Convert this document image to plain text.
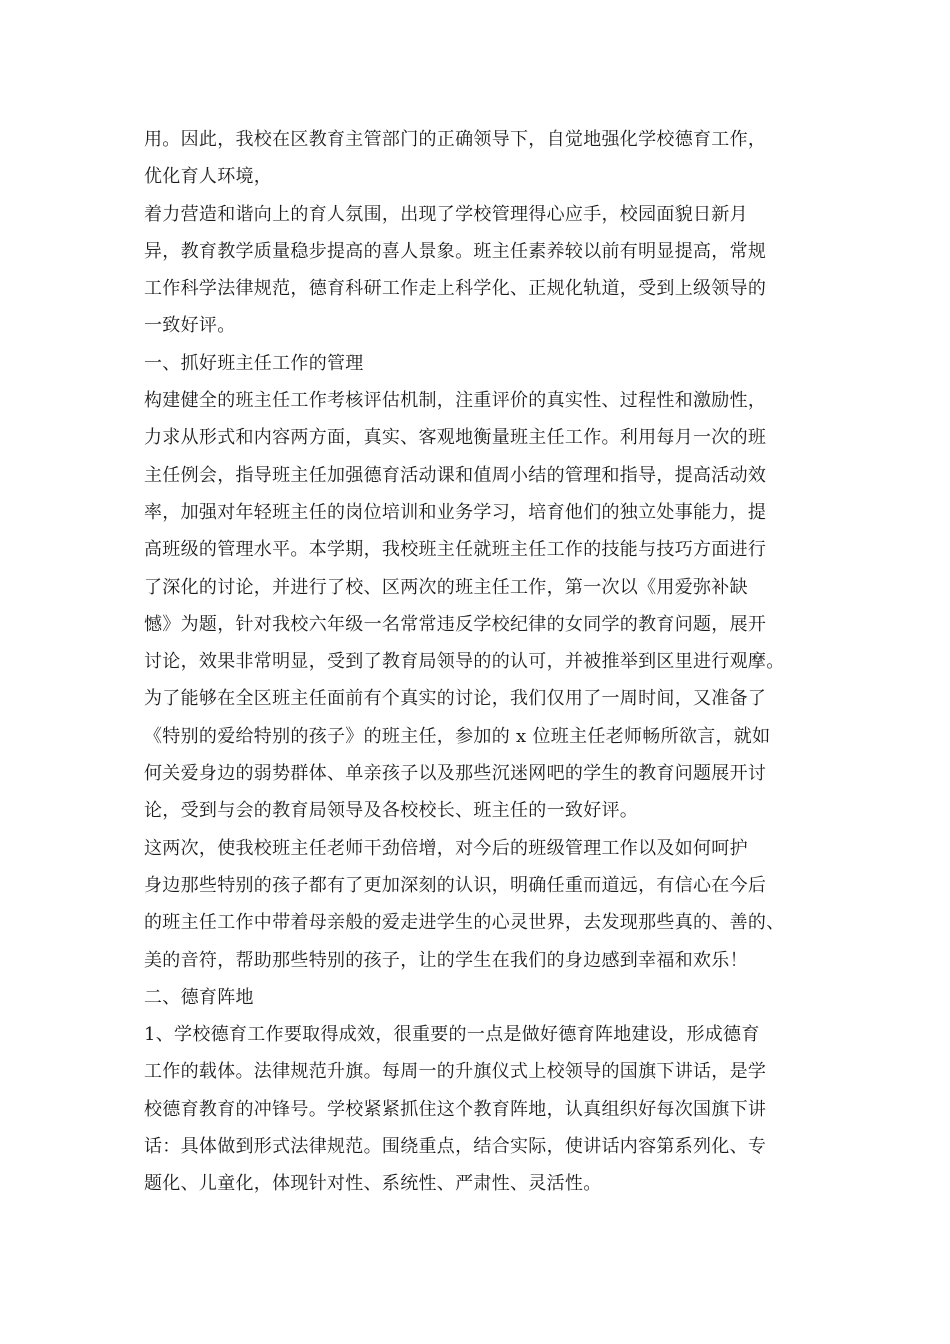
用。因此，我校在区教育主管部门的正确领导下，自觉地强化学校德育工作，
优化育人环境，
着力营造和谐向上的育人氛围，出现了学校管理得心应手，校园面貌日新月
异，教育教学质量稳步提高的喜人景象。班主任素养较以前有明显提高，常规
工作科学法律规范，德育科研工作走上科学化、正规化轨道，受到上级领导的
一致好评。
一、抓好班主任工作的管理
构建健全的班主任工作考核评估机制，注重评价的真实性、过程性和激励性，
力求从形式和内容两方面，真实、客观地衡量班主任工作。利用每月一次的班
主任例会，指导班主任加强德育活动课和值周小结的管理和指导，提高活动效
率，加强对年轻班主任的岗位培训和业务学习，培育他们的独立处事能力，提
高班级的管理水平。本学期，我校班主任就班主任工作的技能与技巧方面进行
了深化的讨论，并进行了校、区两次的班主任工作，第一次以《用爱弥补缺
憾》为题，针对我校六年级一名常常违反学校纪律的女同学的教育问题，展开
讨论，效果非常明显，受到了教育局领导的的认可，并被推举到区里进行观摩。
为了能够在全区班主任面前有个真实的讨论，我们仅用了一周时间，又准备了
《特别的爱给特别的孩子》的班主任，参加的 x 位班主任老师畅所欲言，就如
何关爱身边的弱势群体、单亲孩子以及那些沉迷网吧的学生的教育问题展开讨
论，受到与会的教育局领导及各校校长、班主任的一致好评。
这两次，使我校班主任老师干劲倍增，对今后的班级管理工作以及如何呵护
身边那些特别的孩子都有了更加深刻的认识，明确任重而道远，有信心在今后
的班主任工作中带着母亲般的爱走进学生的心灵世界，去发现那些真的、善的、
美的音符，帮助那些特别的孩子，让的学生在我们的身边感到幸福和欢乐！
二、德育阵地
1、学校德育工作要取得成效，很重要的一点是做好德育阵地建设，形成德育
工作的载体。法律规范升旗。每周一的升旗仪式上校领导的国旗下讲话，是学
校德育教育的冲锋号。学校紧紧抓住这个教育阵地，认真组织好每次国旗下讲
话：具体做到形式法律规范。围绕重点，结合实际，使讲话内容第系列化、专
题化、儿童化，体现针对性、系统性、严肃性、灵活性。
